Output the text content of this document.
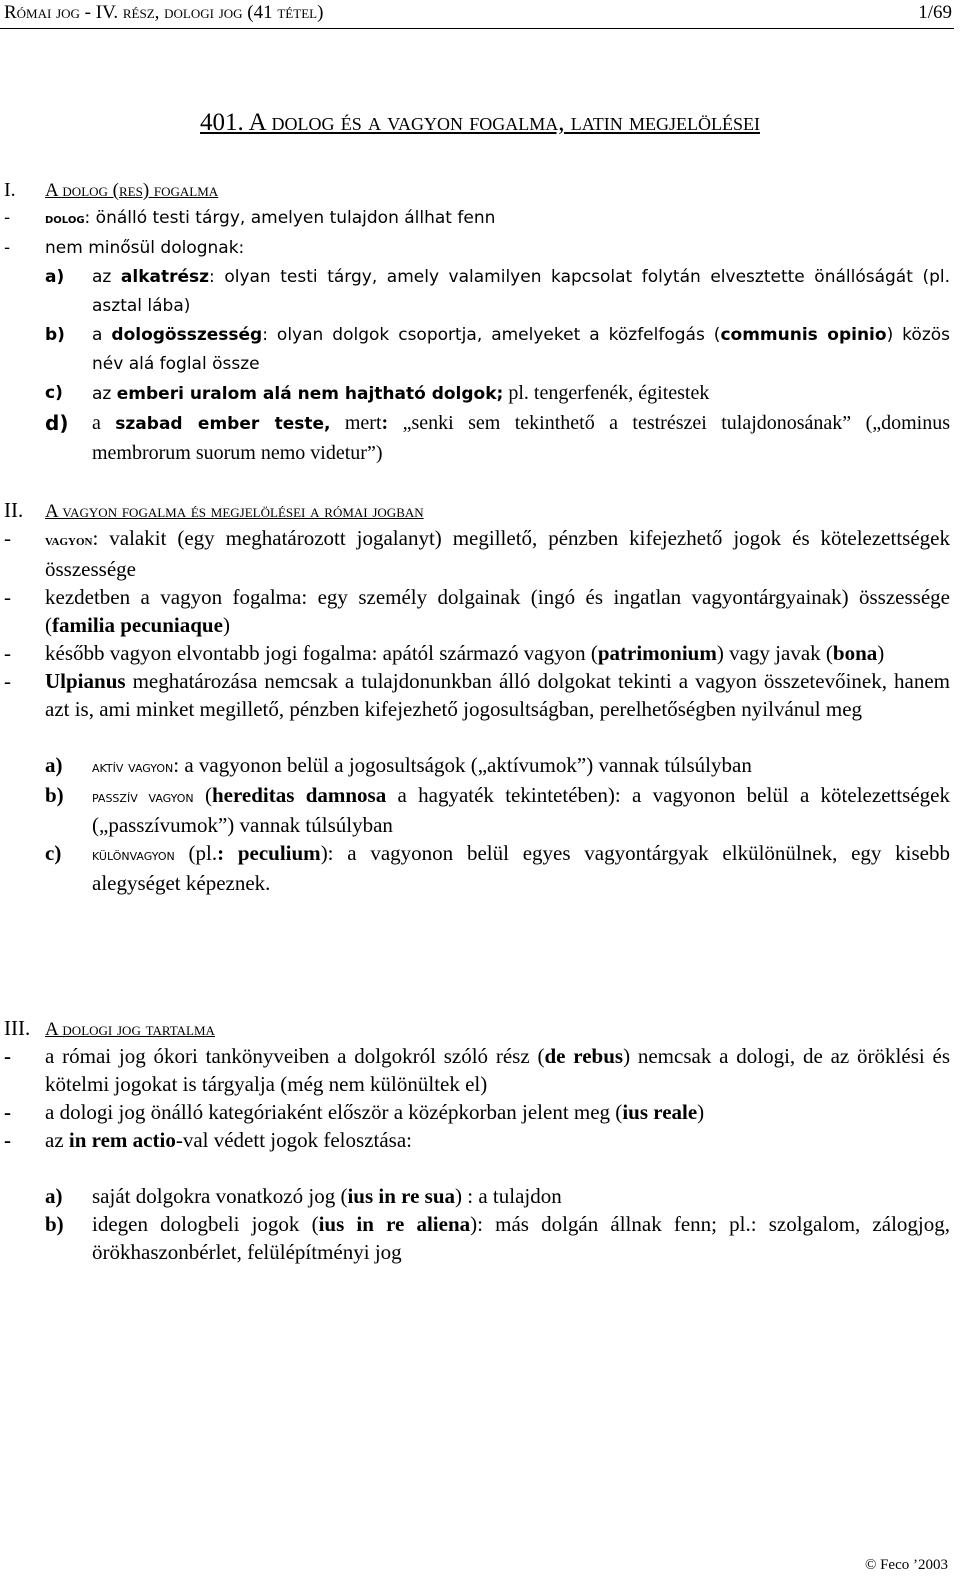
Római jog - IV. rész, dologi jog (41 tétel)	1/69
401. A dolog és a vagyon fogalma, latin megjelölései
I. A dolog (res) fogalma
- dolog: önálló testi tárgy, amelyen tulajdon állhat fenn
- nem minősül dolognak:
a) az alkatrész: olyan testi tárgy, amely valamilyen kapcsolat folytán elvesztette önállóságát (pl. asztal lába)
b) a dologösszesség: olyan dolgok csoportja, amelyeket a közfelfogás (communis opinio) közös név alá foglal össze
c) az emberi uralom alá nem hajtható dolgok; pl. tengerfenék, égitestek
d) a szabad ember teste, mert: „senki sem tekinthető a testrészei tulajdonosának” („dominus membrorum suorum nemo videtur”)
II. A vagyon fogalma és megjelölései a római jogban
- vagyon: valakit (egy meghatározott jogalanyt) megillető, pénzben kifejezhető jogok és kötelezettségek összessége
- kezdetben a vagyon fogalma: egy személy dolgainak (ingó és ingatlan vagyontárgyainak) összessége (familia pecuniaque)
- később vagyon elvontabb jogi fogalma: apától származó vagyon (patrimonium) vagy javak (bona)
- Ulpianus meghatározása nemcsak a tulajdonunkban álló dolgokat tekinti a vagyon összetevőinek, hanem azt is, ami minket megillető, pénzben kifejezhető jogosultságban, perelhetőségben nyilvánul meg
a) aktív vagyon: a vagyonon belül a jogosultságok („aktívumok”) vannak túlsúlyban
b) passzív vagyon (hereditas damnosa a hagyaték tekintetében): a vagyonon belül a kötelezettségek („passzívumok”) vannak túlsúlyban
c) különvagyon (pl.: peculium): a vagyonon belül egyes vagyontárgyak elkülönülnek, egy kisebb alegységet képeznek.
III. A dologi jog tartalma
- a római jog ókori tankönyveiben a dolgokról szóló rész (de rebus) nemcsak a dologi, de az öröklési és kötelmi jogokat is tárgyalja (még nem különültek el)
- a dologi jog önálló kategóriaként először a középkorban jelent meg (ius reale)
- az in rem actio-val védett jogok felosztása:
a) saját dolgokra vonatkozó jog (ius in re sua) : a tulajdon
b) idegen dologbeli jogok (ius in re aliena): más dolgán állnak fenn; pl.: szolgalom, zálogjog, örökhaszonbérlet, felülépítményi jog
© Feco ’2003
